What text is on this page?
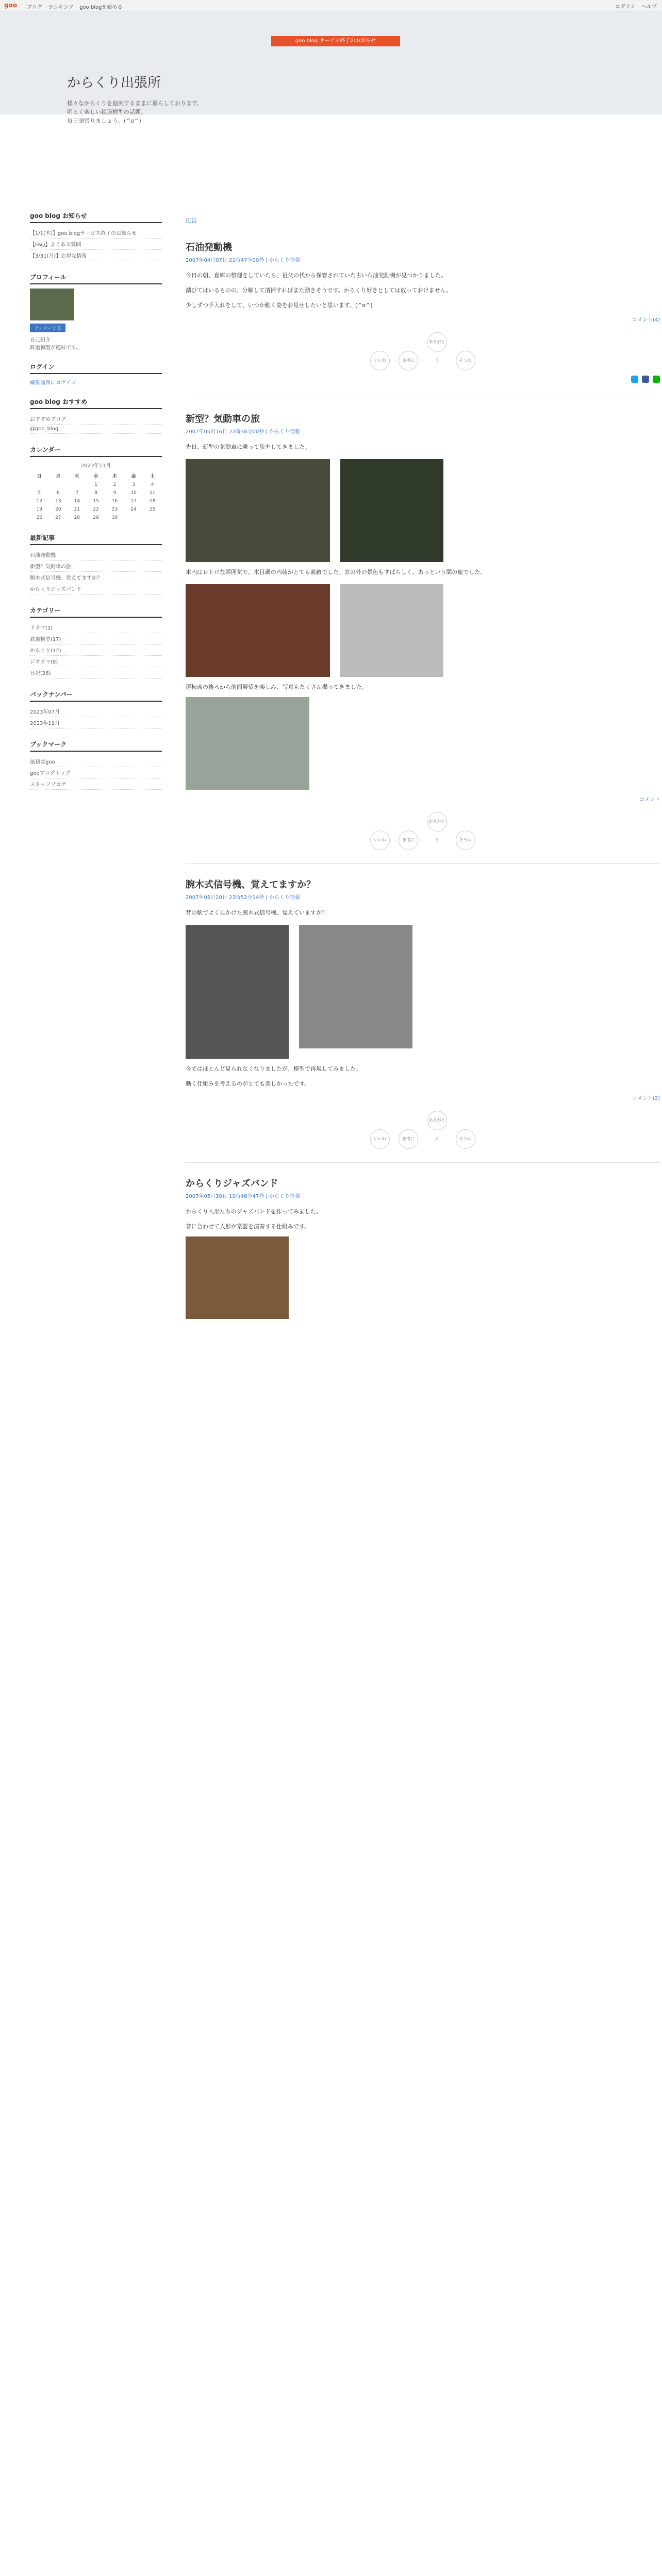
goo ブログ ランキング goo blogを始める	ログイン ヘルプ
goo blog サービス終了のお知らせ
からくり出張所
様々なからくりを追究するままに暮らしております。
明るく楽しい鉄道模型の話題。
毎日頑張りましょう。(^o^)
goo blog お知らせ
【1/1(木)】goo blogサービス終了のお知らせ
【FAQ】よくある質問
【3/31(月)】お得な情報
プロフィール
フォローする
自己紹介
鉄道模型が趣味です。
ログイン
編集画面にログイン
goo blog おすすめ
おすすめブログ
@goo_blog
カレンダー
2023年11月
日	月	火	水	木	金	土
			1	2	3	4
5	6	7	8	9	10	11
12	13	14	15	16	17	18
19	20	21	22	23	24	25
26	27	28	29	30		
最新記事
石油発動機
新型？気動車の旅
腕木式信号機、覚えてますか？
からくりジャズバンド
カテゴリー
ドラマ(1)
鉄道模型(17)
からくり(12)
ジオラマ(9)
日記(26)
バックナンバー
2023年07月
2023年11月
ブックマーク
最初はgoo
gooブログトップ
スタッフブログ
広告
石油発動機
2007年04月07日 21時47分00秒 | からくり情報

今日の朝、倉庫の整理をしていたら、祖父の代から保管されていた古い石油発動機が見つかりました。

錆びてはいるものの、分解して清掃すればまた動きそうです。からくり好きとしては放っておけません。

少しずつ手入れをして、いつか動く姿をお見せしたいと思います。(^o^)

コメント(4)
いいね	参考に ありがとう	そうね

新型？気動車の旅
2007年05月16日 22時38分00秒 | からくり情報

先日、新型の気動車に乗って旅をしてきました。

車内はレトロな雰囲気で、木目調の内装がとても素敵でした。窓の外の景色もすばらしく、あっという間の旅でした。

運転席の後ろから前面展望を楽しみ、写真もたくさん撮ってきました。

コメント
いいね	参考に ありがとう	そうね
腕木式信号機、覚えてますか？
2007年05月20日 23時52分14秒 | からくり情報

昔の駅でよく見かけた腕木式信号機、覚えていますか？

今ではほとんど見られなくなりましたが、模型で再現してみました。

動く仕組みを考えるのがとても楽しかったです。

コメント(2)
いいね	参考に ありがとう	そうね
からくりジャズバンド
2007年05月30日 10時46分47秒 | からくり情報

からくり人形たちのジャズバンドを作ってみました。

音に合わせて人形が楽器を演奏する仕組みです。
